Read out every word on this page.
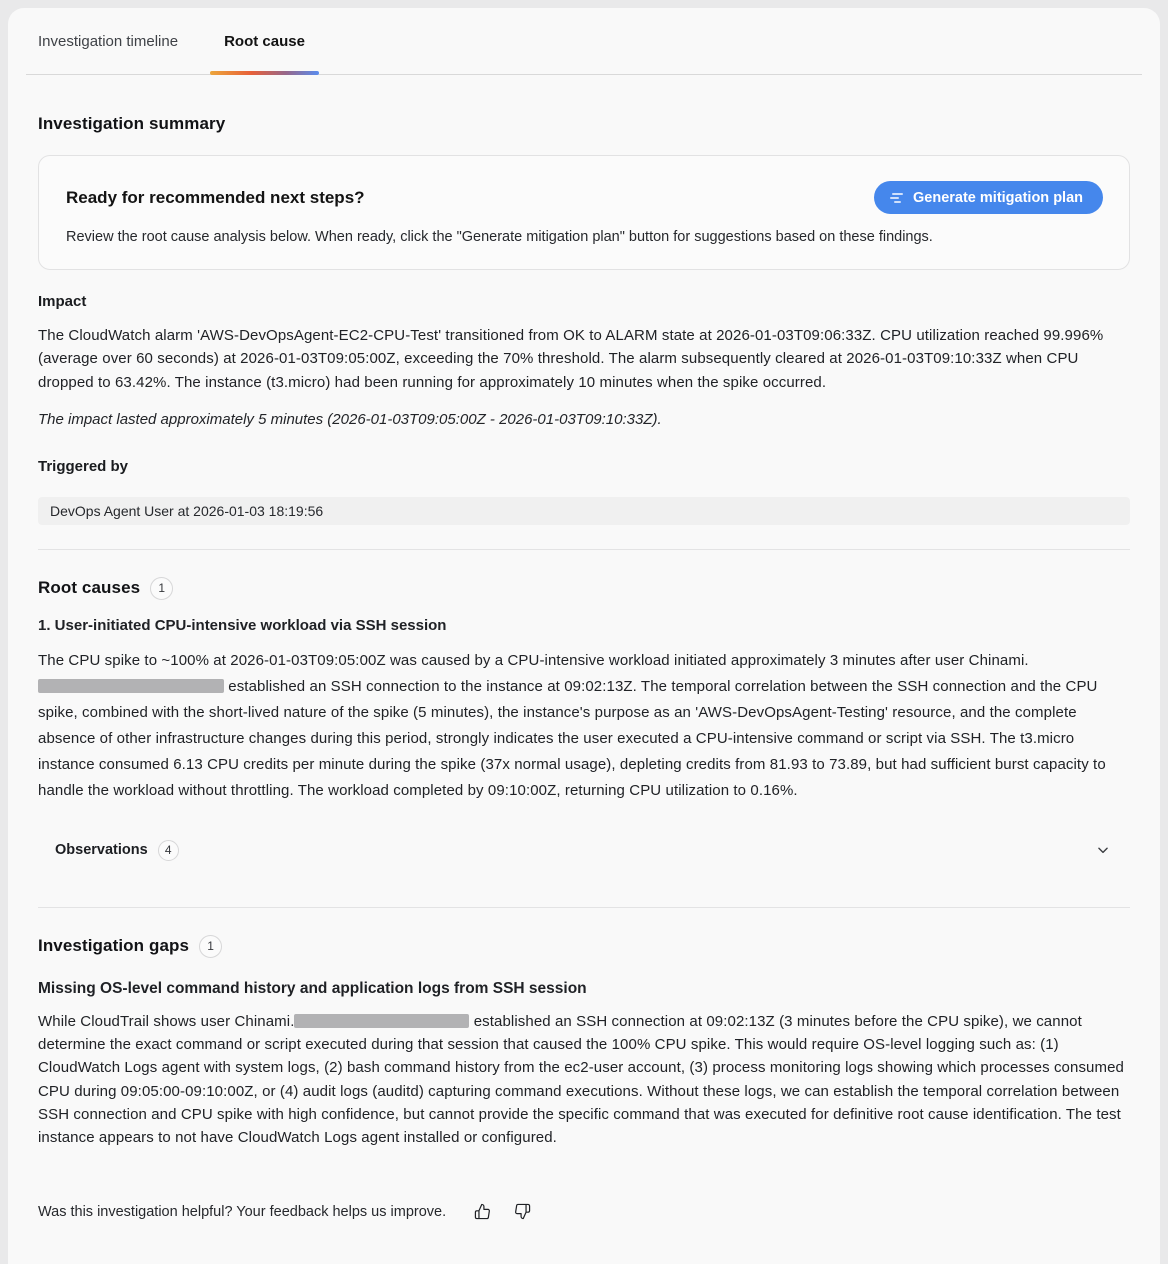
Investigation timeline	Root cause
Investigation summary
Ready for recommended next steps?	Generate mitigation plan

Review the root cause analysis below. When ready, click the "Generate mitigation plan" button for suggestions based on these findings.

Impact

The CloudWatch alarm 'AWS-DevOpsAgent-EC2-CPU-Test' transitioned from OK to ALARM state at 2026-01-03T09:06:33Z. CPU utilization reached 99.996% (average over 60 seconds) at 2026-01-03T09:05:00Z, exceeding the 70% threshold. The alarm subsequently cleared at 2026-01-03T09:10:33Z when CPU dropped to 63.42%. The instance (t3.micro) had been running for approximately 10 minutes when the spike occurred.

The impact lasted approximately 5 minutes (2026-01-03T09:05:00Z - 2026-01-03T09:10:33Z).

Triggered by
DevOps Agent User at 2026-01-03 18:19:56
Root causes	1
1. User-initiated CPU-intensive workload via SSH session

The CPU spike to ~100% at 2026-01-03T09:05:00Z was caused by a CPU-intensive workload initiated approximately 3 minutes after user Chinami. established an SSH connection to the instance at 09:02:13Z. The temporal correlation between the SSH connection and the CPU spike, combined with the short-lived nature of the spike (5 minutes), the instance's purpose as an 'AWS-DevOpsAgent-Testing' resource, and the complete absence of other infrastructure changes during this period, strongly indicates the user executed a CPU-intensive command or script via SSH. The t3.micro instance consumed 6.13 CPU credits per minute during the spike (37x normal usage), depleting credits from 81.93 to 73.89, but had sufficient burst capacity to handle the workload without throttling. The workload completed by 09:10:00Z, returning CPU utilization to 0.16%.

Observations	4
Investigation gaps	1
Missing OS-level command history and application logs from SSH session

While CloudTrail shows user Chinami.	established an SSH connection at 09:02:13Z (3 minutes before the CPU spike), we cannot determine the exact command or script executed during that session that caused the 100% CPU spike. This would require OS-level logging such as: (1) CloudWatch Logs agent with system logs, (2) bash command history from the ec2-user account, (3) process monitoring logs showing which processes consumed CPU during 09:05:00-09:10:00Z, or (4) audit logs (auditd) capturing command executions. Without these logs, we can establish the temporal correlation between SSH connection and CPU spike with high confidence, but cannot provide the specific command that was executed for definitive root cause identification. The test instance appears to not have CloudWatch Logs agent installed or configured.

Was this investigation helpful? Your feedback helps us improve.
